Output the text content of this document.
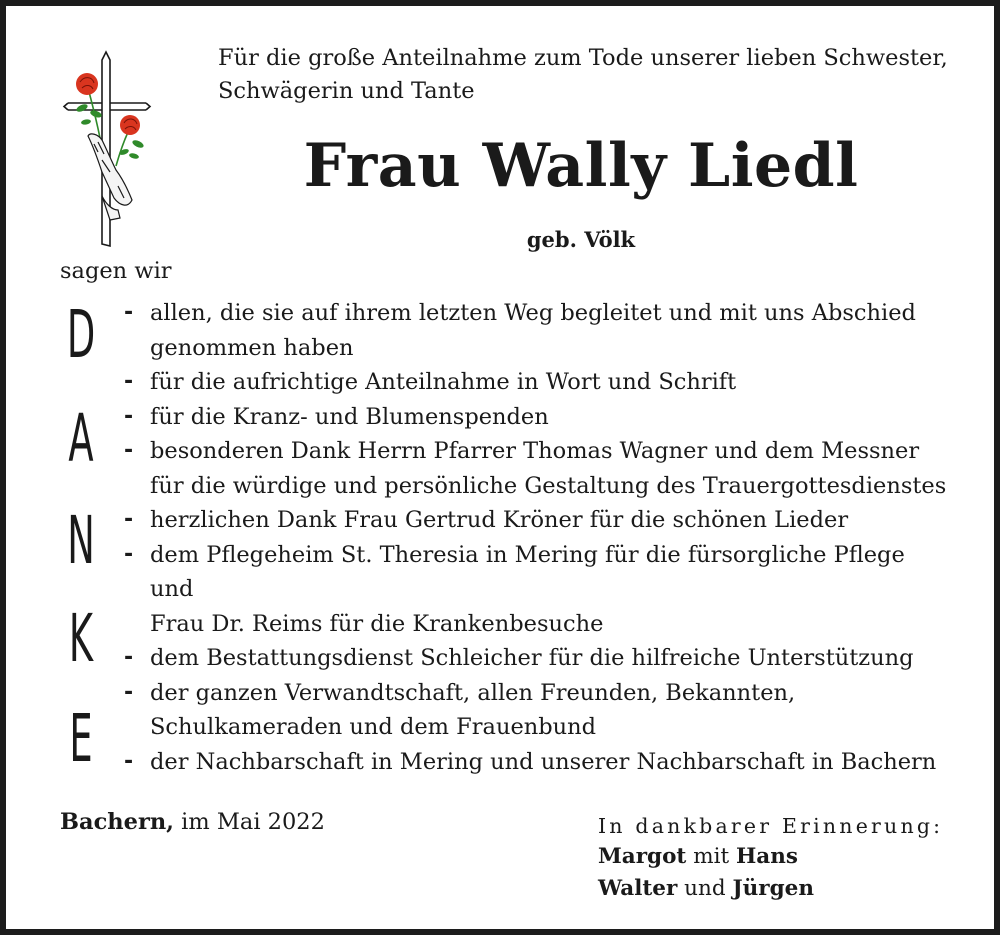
Für die große Anteilnahme zum Tode unserer lieben Schwester,
Schwägerin und Tante
Frau Wally Liedl
geb. Völk
sagen wir
D
A
N
K
E
- allen, die sie auf ihrem letzten Weg begleitet und mit uns Abschied
genommen haben
- für die aufrichtige Anteilnahme in Wort und Schrift
- für die Kranz- und Blumenspenden
- besonderen Dank Herrn Pfarrer Thomas Wagner und dem Messner
für die würdige und persönliche Gestaltung des Trauergottesdienstes
- herzlichen Dank Frau Gertrud Kröner für die schönen Lieder
- dem Pflegeheim St. Theresia in Mering für die fürsorgliche Pflege
und
Frau Dr. Reims für die Krankenbesuche
- dem Bestattungsdienst Schleicher für die hilfreiche Unterstützung
- der ganzen Verwandtschaft, allen Freunden, Bekannten,
Schulkameraden und dem Frauenbund
- der Nachbarschaft in Mering und unserer Nachbarschaft in Bachern
Bachern, im Mai 2022	In dankbarer Erinnerung:
Margot mit Hans
Walter und Jürgen
